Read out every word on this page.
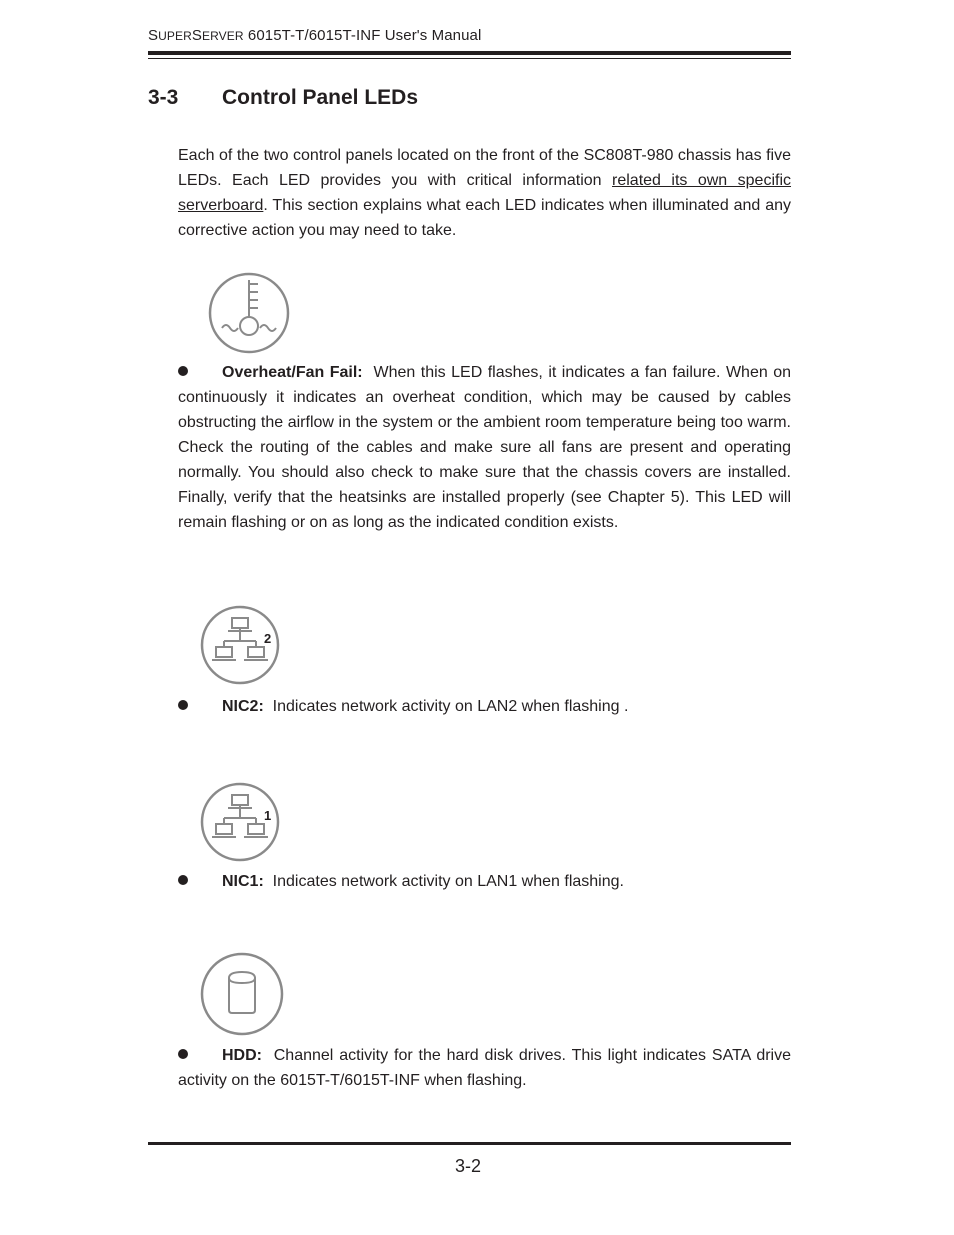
SUPERSERVER 6015T-T/6015T-INF User's Manual
3-3 Control Panel LEDs
Each of the two control panels located on the front of the SC808T-980 chassis has five LEDs. Each LED provides you with critical information related its own specific serverboard. This section explains what each LED indicates when illuminated and any corrective action you may need to take.
Overheat/Fan Fail: When this LED flashes, it indicates a fan failure. When on continuously it indicates an overheat condition, which may be caused by cables obstructing the airflow in the system or the ambient room temperature being too warm. Check the routing of the cables and make sure all fans are present and operating normally. You should also check to make sure that the chassis covers are installed. Finally, verify that the heatsinks are installed properly (see Chapter 5). This LED will remain flashing or on as long as the indicated condition exists.
2
NIC2: Indicates network activity on LAN2 when flashing .
1
NIC1: Indicates network activity on LAN1 when flashing.
HDD: Channel activity for the hard disk drives. This light indicates SATA drive activity on the 6015T-T/6015T-INF when flashing.
3-2
